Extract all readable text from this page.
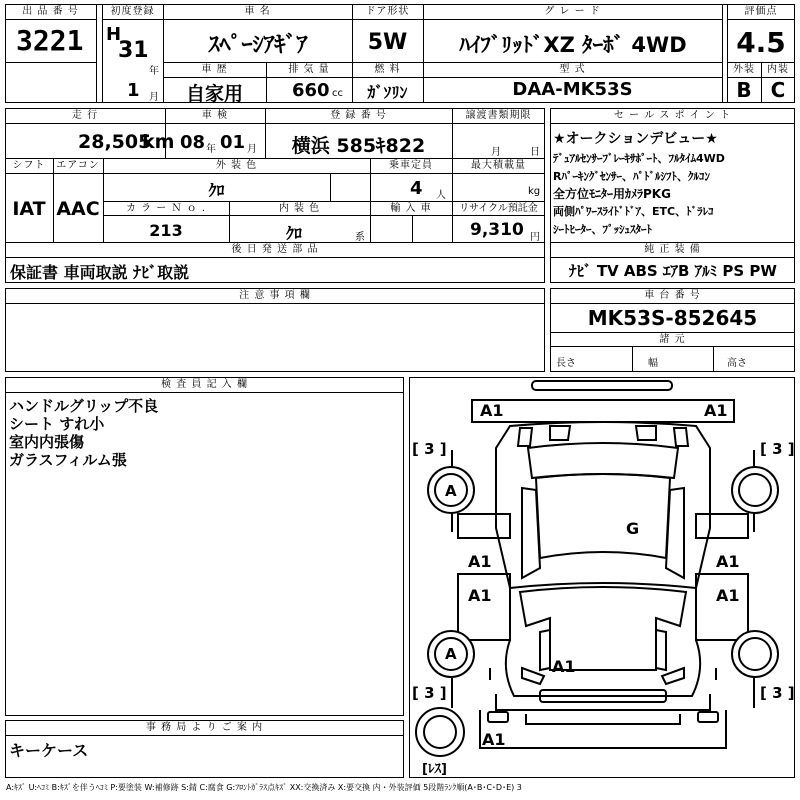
出 品 番 号
3221
初度登録
H
31
年
1 月
車 名
ｽﾍﾟｰｼｱｷﾞｱ
ドア形状
5W
グ レ ー ド
ﾊｲﾌﾞﾘｯﾄﾞXZ ﾀｰﾎﾞ 4WD
評価点
4.5
車 歴
自家用
排 気 量
660 cc
燃 料
ｶﾞｿﾘﾝ
型 式
DAA-MK53S
外装	内装
B C
走 行
28,505
km
車 検
08 年 01 月
登 録 番 号
横浜 585ｷ822
譲渡書類期限
月	日
シフト
IAT
エアコン
AAC
外 装 色
ｸﾛ
乗車定員
4 人
最大積載量
kg
カ ラ ー Ｎ ｏ .
213
内 装 色
ｸﾛ	系
輸 入 車	リサイクル預託金
9,310 円
後 日 発 送 部 品
保証書 車両取説 ﾅﾋﾞ取説
セ ー ル ス ポ イ ン ト
★オークションデビュー★
ﾃﾞｭｱﾙｾﾝｻｰﾌﾞﾚｰｷｻﾎﾟｰﾄ、ﾌﾙﾀｲﾑ4WD
Rﾊﾟｰｷﾝｸﾞｾﾝｻｰ、ﾊﾟﾄﾞﾙｼﾌﾄ、ｸﾙｺﾝ
全方位ﾓﾆﾀｰ用ｶﾒﾗPKG
両側ﾊﾟﾜｰｽﾗｲﾄﾞﾄﾞｱ、ETC、ﾄﾞﾗﾚｺ
ｼｰﾄﾋｰﾀｰ、ﾌﾟｯｼｭｽﾀｰﾄ
純 正 装 備
ﾅﾋﾞ TV ABS ｴｱB ｱﾙﾐ PS PW
注 意 事 項 欄	車 台 番 号
MK53S-852645
諸 元
長さ	幅	高さ
検 査 員 記 入 欄
ハンドルグリップ不良
シート すれ小
室内内張傷
ガラスフィルム張
事 務 局 よ り ご 案 内
キーケース
A1	A1
[ 3 ]	[ 3 ]
A
G
A1	A1
A1	A1
A
A1
[ 3 ]	[ 3 ]
A1
[ﾚｽ]
A:ｷｽﾞ U:ﾍｺﾐ B:ｷｽﾞを伴うﾍｺﾐ P:要塗装 W:補修跡 S:錆 C:腐食 G:ﾌﾛﾝﾄｶﾞﾗｽ点ｷｽﾞ XX:交換済み X:要交換 内・外装評価 5段階ﾗﾝｸ順(A･B･C･D･E) 3
